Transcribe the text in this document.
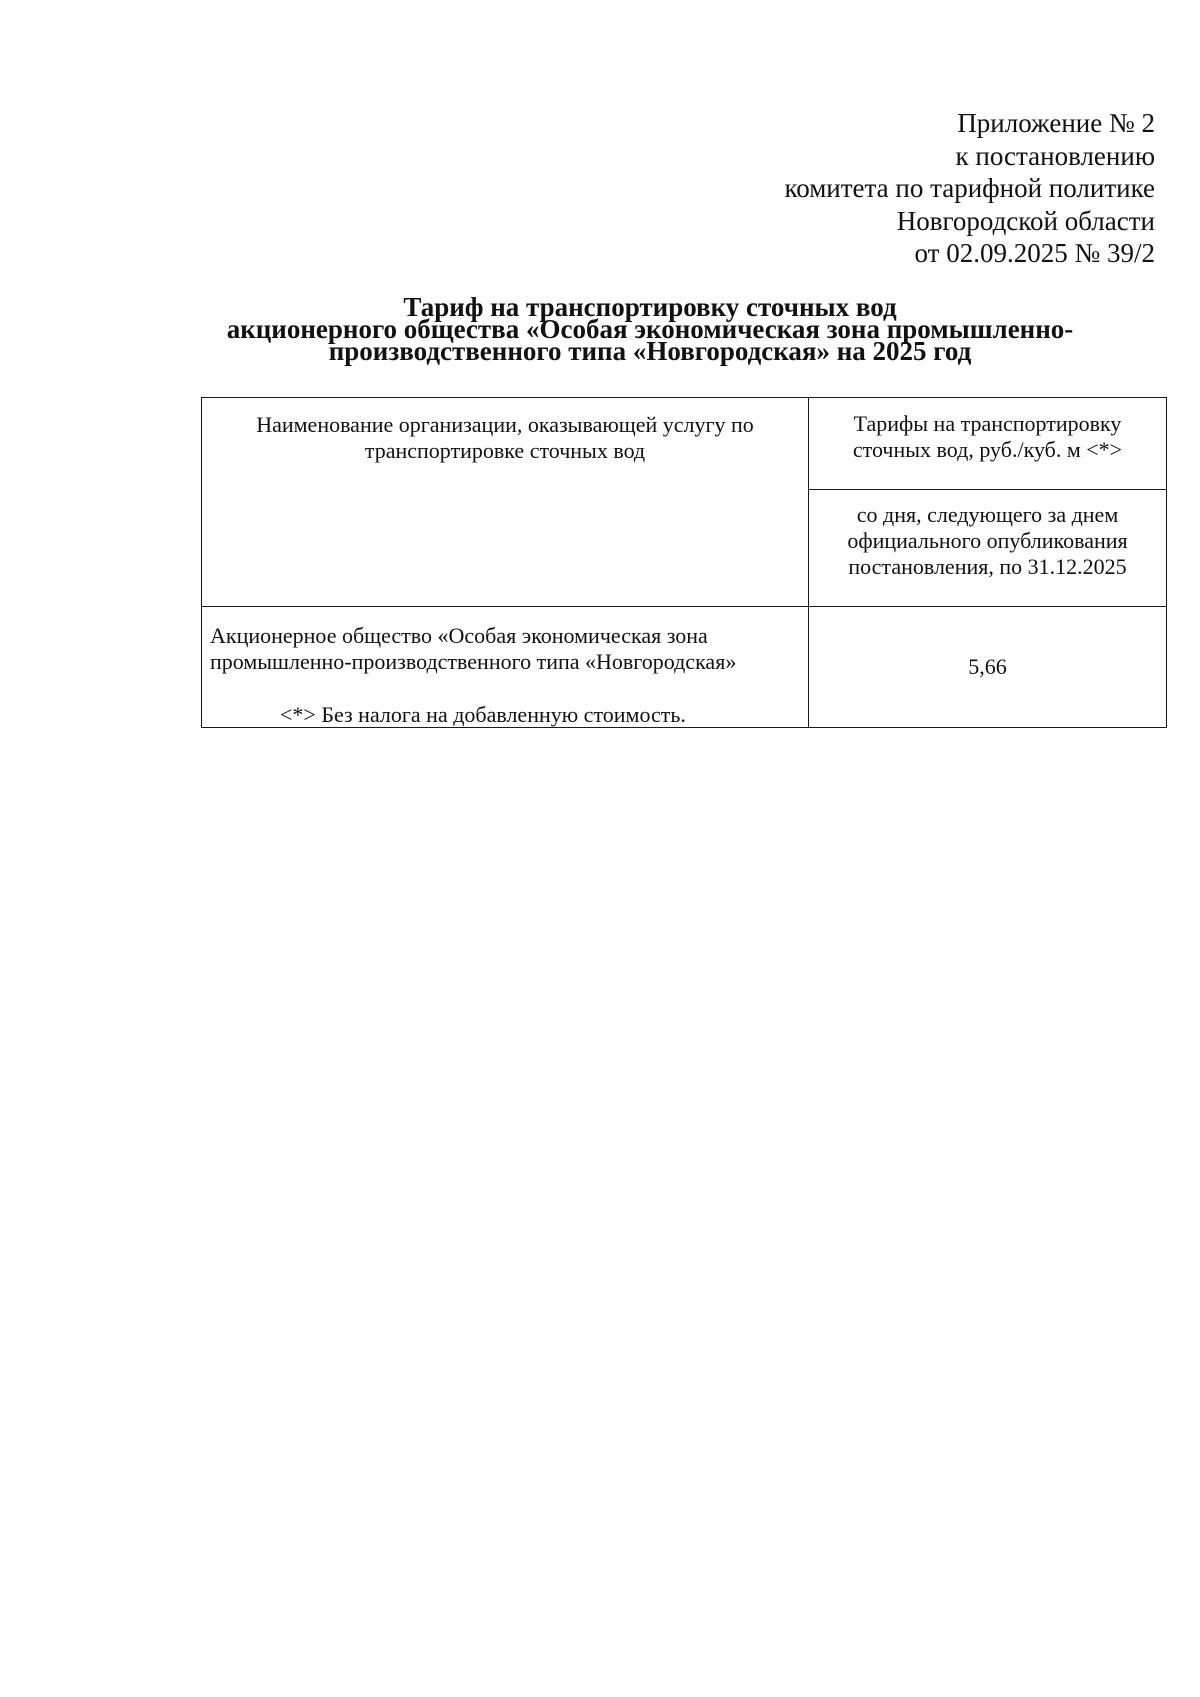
Приложение № 2
к постановлению
комитета по тарифной политике
Новгородской области
от 02.09.2025 № 39/2
Тариф на транспортировку сточных вод
акционерного общества «Особая экономическая зона промышленно-
производственного типа «Новгородская» на 2025 год
Наименование организации, оказывающей услугу по транспортировке сточных вод	Тарифы на транспортировку сточных вод, руб./куб. м <*>
	со дня, следующего за днем официального опубликования постановления, по 31.12.2025
Акционерное общество «Особая экономическая зона промышленно-производственного типа «Новгородская»	5,66
<*> Без налога на добавленную стоимость.
